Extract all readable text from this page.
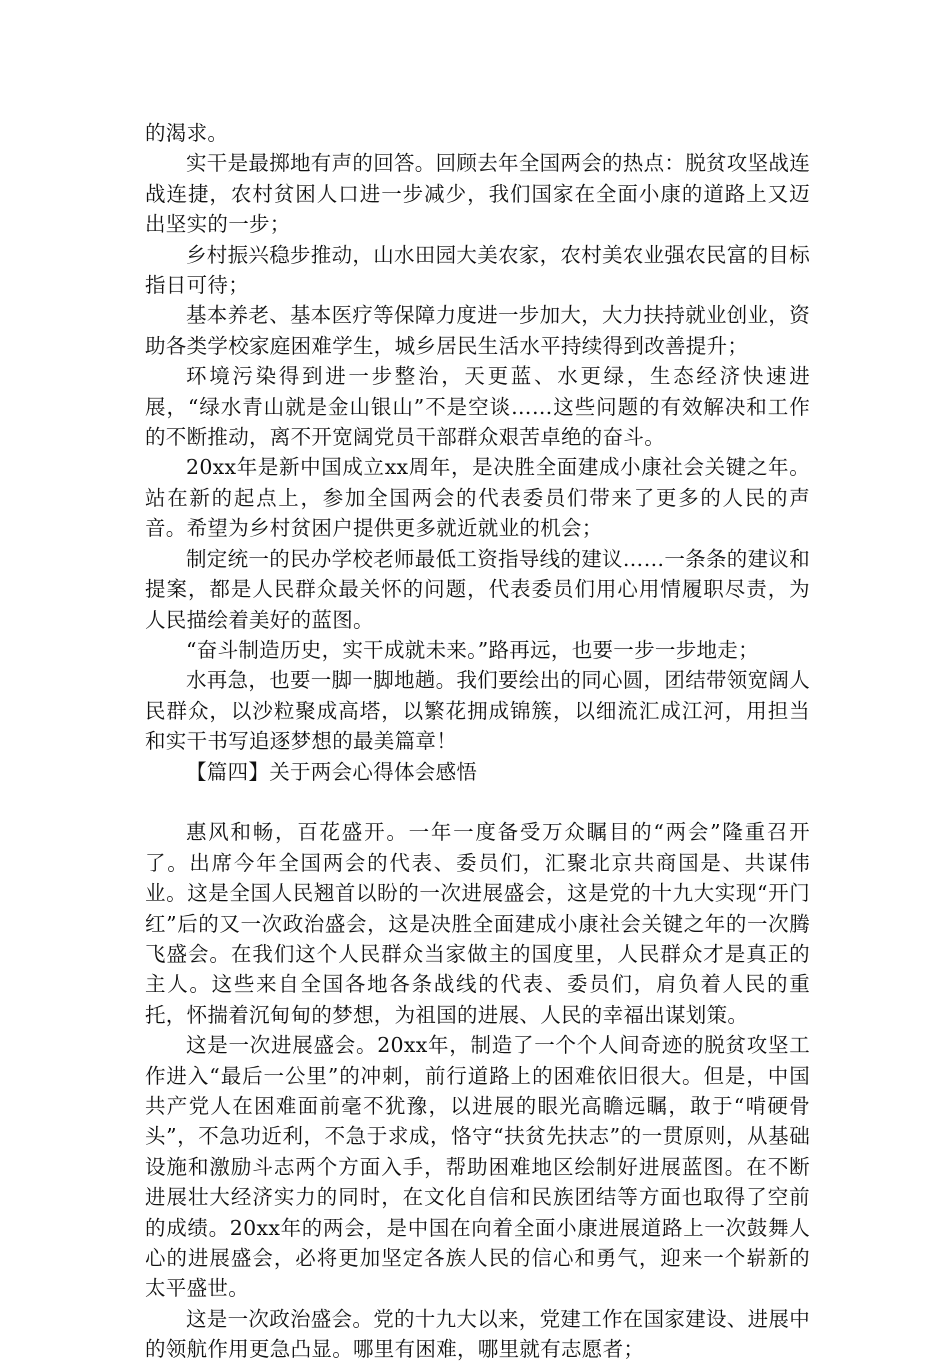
的渴求。

实干是最掷地有声的回答。回顾去年全国两会的热点：脱贫攻坚战连战连捷，农村贫困人口进一步减少，我们国家在全面小康的道路上又迈出坚实的一步；

乡村振兴稳步推动，山水田园大美农家，农村美农业强农民富的目标指日可待；

基本养老、基本医疗等保障力度进一步加大，大力扶持就业创业，资助各类学校家庭困难学生，城乡居民生活水平持续得到改善提升；

环境污染得到进一步整治，天更蓝、水更绿，生态经济快速进展，“绿水青山就是金山银山”不是空谈……这些问题的有效解决和工作的不断推动，离不开宽阔党员干部群众艰苦卓绝的奋斗。

20xx年是新中国成立xx周年，是决胜全面建成小康社会关键之年。站在新的起点上，参加全国两会的代表委员们带来了更多的人民的声音。希望为乡村贫困户提供更多就近就业的机会；

制定统一的民办学校老师最低工资指导线的建议……一条条的建议和提案，都是人民群众最关怀的问题，代表委员们用心用情履职尽责，为人民描绘着美好的蓝图。

“奋斗制造历史，实干成就未来。”路再远，也要一步一步地走；

水再急，也要一脚一脚地趟。我们要绘出的同心圆，团结带领宽阔人民群众，以沙粒聚成高塔，以繁花拥成锦簇，以细流汇成江河，用担当和实干书写追逐梦想的最美篇章！

【篇四】关于两会心得体会感悟

惠风和畅，百花盛开。一年一度备受万众瞩目的“两会”隆重召开了。出席今年全国两会的代表、委员们，汇聚北京共商国是、共谋伟业。这是全国人民翘首以盼的一次进展盛会，这是党的十九大实现“开门红”后的又一次政治盛会，这是决胜全面建成小康社会关键之年的一次腾飞盛会。在我们这个人民群众当家做主的国度里，人民群众才是真正的主人。这些来自全国各地各条战线的代表、委员们，肩负着人民的重托，怀揣着沉甸甸的梦想，为祖国的进展、人民的幸福出谋划策。

这是一次进展盛会。20xx年，制造了一个个人间奇迹的脱贫攻坚工作进入“最后一公里”的冲刺，前行道路上的困难依旧很大。但是，中国共产党人在困难面前毫不犹豫，以进展的眼光高瞻远瞩，敢于“啃硬骨头”，不急功近利，不急于求成，恪守“扶贫先扶志”的一贯原则，从基础设施和激励斗志两个方面入手，帮助困难地区绘制好进展蓝图。在不断进展壮大经济实力的同时，在文化自信和民族团结等方面也取得了空前的成绩。20xx年的两会，是中国在向着全面小康进展道路上一次鼓舞人心的进展盛会，必将更加坚定各族人民的信心和勇气，迎来一个崭新的太平盛世。

这是一次政治盛会。党的十九大以来，党建工作在国家建设、进展中的领航作用更急凸显。哪里有困难，哪里就有志愿者；
